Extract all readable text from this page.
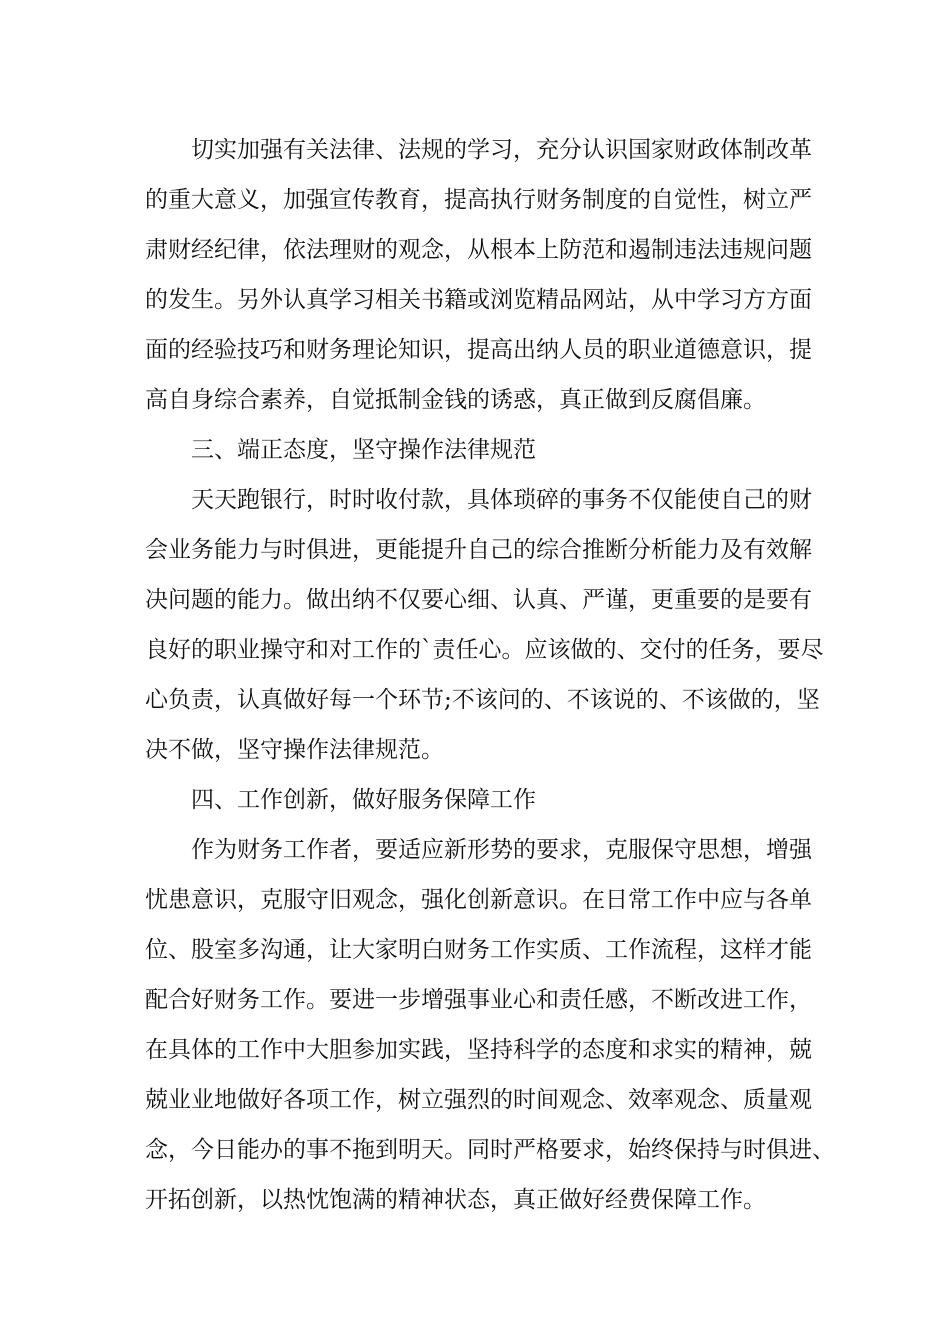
切实加强有关法律、法规的学习，充分认识国家财政体制改革

的重大意义，加强宣传教育，提高执行财务制度的自觉性，树立严

肃财经纪律，依法理财的观念，从根本上防范和遏制违法违规问题

的发生。另外认真学习相关书籍或浏览精品网站，从中学习方方面

面的经验技巧和财务理论知识，提高出纳人员的职业道德意识，提

高自身综合素养，自觉抵制金钱的诱惑，真正做到反腐倡廉。

三、端正态度，坚守操作法律规范

天天跑银行，时时收付款，具体琐碎的事务不仅能使自己的财

会业务能力与时俱进，更能提升自己的综合推断分析能力及有效解

决问题的能力。做出纳不仅要心细、认真、严谨，更重要的是要有

良好的职业操守和对工作的`责任心。应该做的、交付的任务，要尽

心负责，认真做好每一个环节;不该问的、不该说的、不该做的，坚

决不做，坚守操作法律规范。

四、工作创新，做好服务保障工作

作为财务工作者，要适应新形势的要求，克服保守思想，增强

忧患意识，克服守旧观念，强化创新意识。在日常工作中应与各单

位、股室多沟通，让大家明白财务工作实质、工作流程，这样才能

配合好财务工作。要进一步增强事业心和责任感，不断改进工作，

在具体的工作中大胆参加实践，坚持科学的态度和求实的精神，兢

兢业业地做好各项工作，树立强烈的时间观念、效率观念、质量观

念，今日能办的事不拖到明天。同时严格要求，始终保持与时俱进、

开拓创新，以热忱饱满的精神状态，真正做好经费保障工作。
